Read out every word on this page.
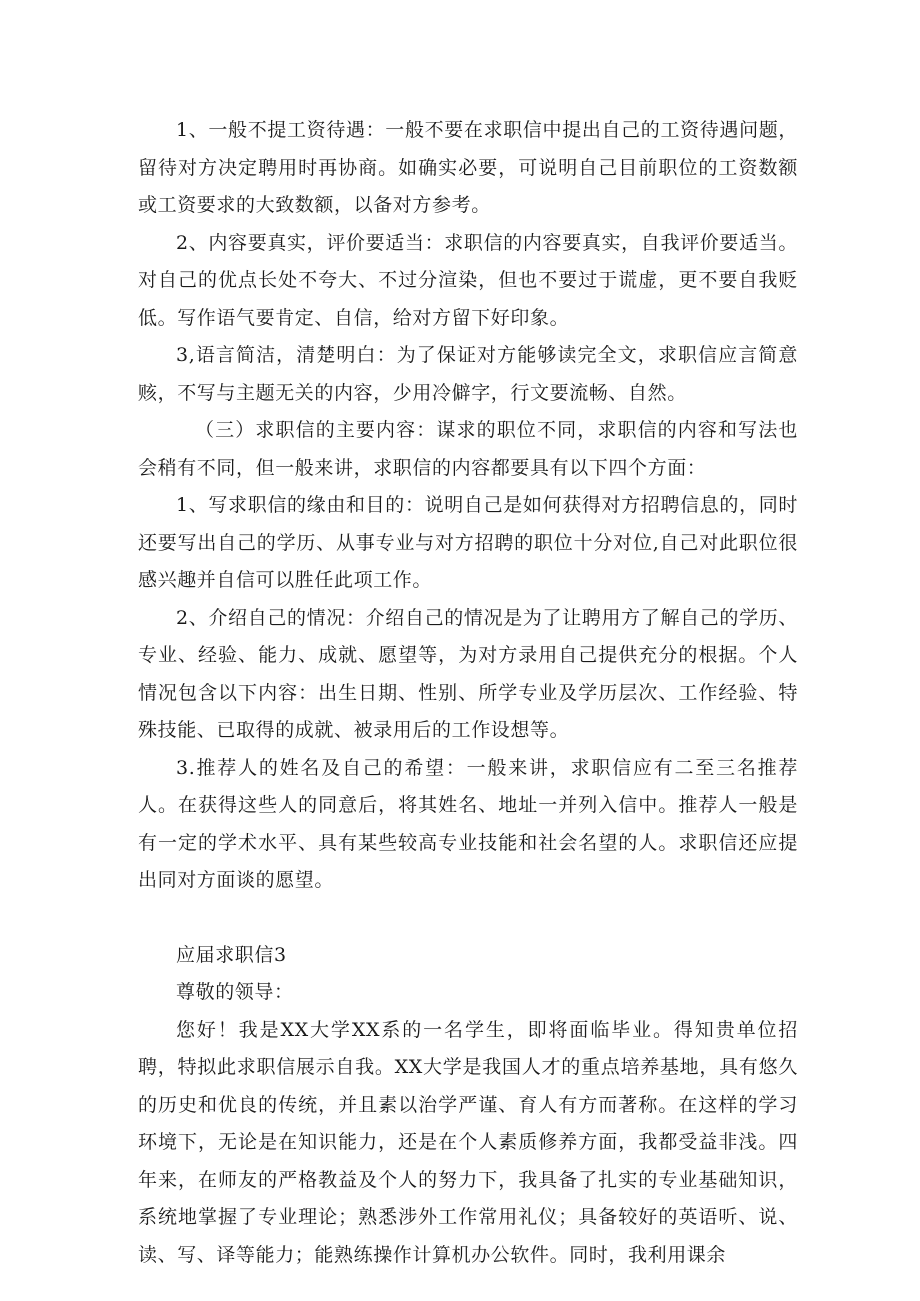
1、一般不提工资待遇：一般不要在求职信中提出自己的工资待遇问题，留待对方决定聘用时再协商。如确实必要，可说明自己目前职位的工资数额或工资要求的大致数额，以备对方参考。

2、内容要真实，评价要适当：求职信的内容要真实，自我评价要适当。对自己的优点长处不夸大、不过分渲染，但也不要过于谎虚，更不要自我贬低。写作语气要肯定、自信，给对方留下好印象。

3,语言简洁，清楚明白：为了保证对方能够读完全文，求职信应言简意赅，不写与主题无关的内容，少用冷僻字，行文要流畅、自然。

（三）求职信的主要内容：谋求的职位不同，求职信的内容和写法也会稍有不同，但一般来讲，求职信的内容都要具有以下四个方面：

1、写求职信的缘由和目的：说明自己是如何获得对方招聘信息的，同时还要写出自己的学历、从事专业与对方招聘的职位十分对位,自己对此职位很感兴趣并自信可以胜任此项工作。

2、介绍自己的情况：介绍自己的情况是为了让聘用方了解自己的学历、专业、经验、能力、成就、愿望等，为对方录用自己提供充分的根据。个人情况包含以下内容：出生日期、性别、所学专业及学历层次、工作经验、特殊技能、已取得的成就、被录用后的工作设想等。

3.推荐人的姓名及自己的希望：一般来讲，求职信应有二至三名推荐人。在获得这些人的同意后，将其姓名、地址一并列入信中。推荐人一般是有一定的学术水平、具有某些较高专业技能和社会名望的人。求职信还应提出同对方面谈的愿望。

应届求职信3

尊敬的领导：

您好！我是XX大学XX系的一名学生，即将面临毕业。得知贵单位招聘，特拟此求职信展示自我。XX大学是我国人才的重点培养基地，具有悠久的历史和优良的传统，并且素以治学严谨、育人有方而著称。在这样的学习环境下，无论是在知识能力，还是在个人素质修养方面，我都受益非浅。四年来，在师友的严格教益及个人的努力下，我具备了扎实的专业基础知识，系统地掌握了专业理论；熟悉涉外工作常用礼仪；具备较好的英语听、说、读、写、译等能力；能熟练操作计算机办公软件。同时，我利用课余
